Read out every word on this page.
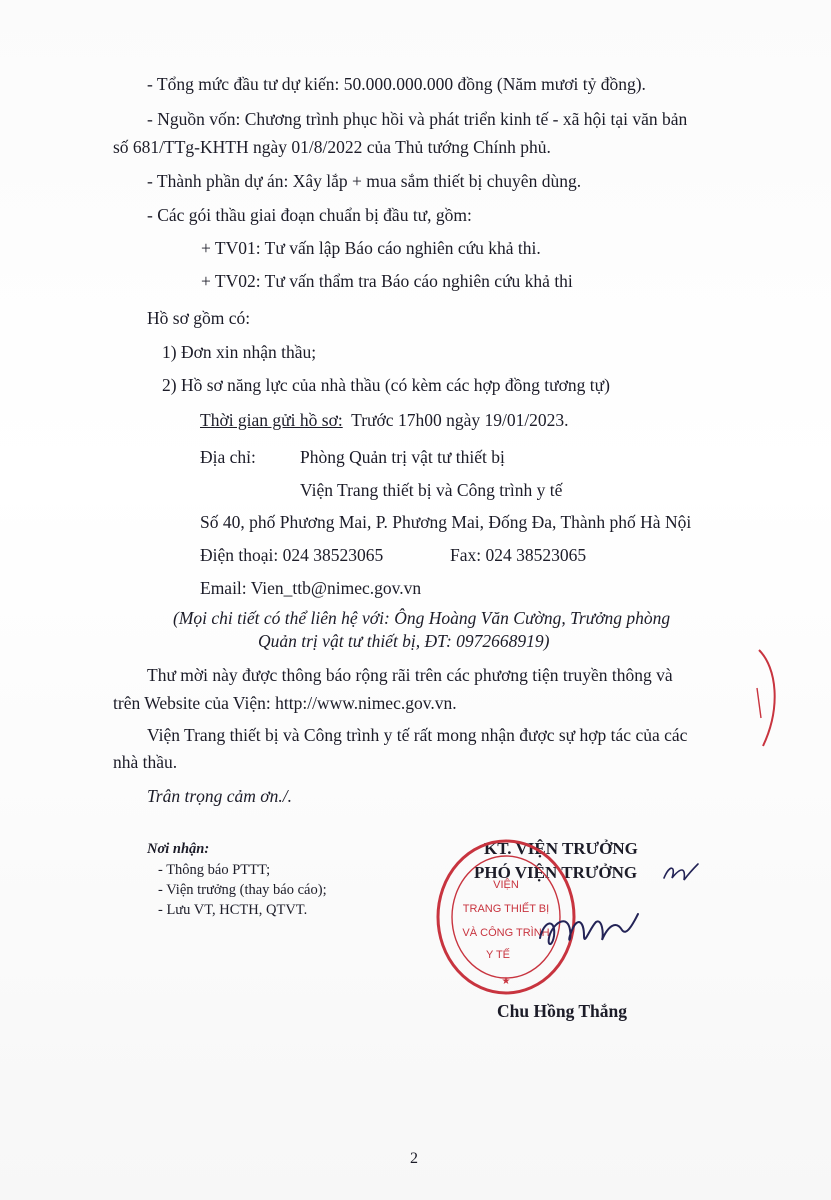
- Tổng mức đầu tư dự kiến: 50.000.000.000 đồng (Năm mươi tỷ đồng).
- Nguồn vốn: Chương trình phục hồi và phát triển kinh tế - xã hội tại văn bản
số 681/TTg-KHTH ngày 01/8/2022 của Thủ tướng Chính phủ.
- Thành phần dự án: Xây lắp + mua sắm thiết bị chuyên dùng.
- Các gói thầu giai đoạn chuẩn bị đầu tư, gồm:
+ TV01: Tư vấn lập Báo cáo nghiên cứu khả thi.
+ TV02: Tư vấn thẩm tra Báo cáo nghiên cứu khả thi
Hồ sơ gồm có:
1) Đơn xin nhận thầu;
2) Hồ sơ năng lực của nhà thầu (có kèm các hợp đồng tương tự)
Thời gian gửi hồ sơ: Trước 17h00 ngày 19/01/2023.
Địa chỉ:	Phòng Quản trị vật tư thiết bị
Viện Trang thiết bị và Công trình y tế
Số 40, phố Phương Mai, P. Phương Mai, Đống Đa, Thành phố Hà Nội
Điện thoại: 024 38523065	Fax: 024 38523065
Email: Vien_ttb@nimec.gov.vn
(Mọi chi tiết có thể liên hệ với: Ông Hoàng Văn Cường, Trưởng phòng
Quản trị vật tư thiết bị, ĐT: 0972668919)
Thư mời này được thông báo rộng rãi trên các phương tiện truyền thông và
trên Website của Viện: http://www.nimec.gov.vn.
Viện Trang thiết bị và Công trình y tế rất mong nhận được sự hợp tác của các
nhà thầu.
Trân trọng cảm ơn./.
Nơi nhận:
- Thông báo PTTT;
- Viện trưởng (thay báo cáo);
- Lưu VT, HCTH, QTVT.
KT. VIỆN TRƯỞNG
PHÓ VIỆN TRƯỞNG
VIỆN
TRANG THIẾT BỊ
VÀ CÔNG TRÌNH
Y TẾ
★
Chu Hồng Thắng
2
